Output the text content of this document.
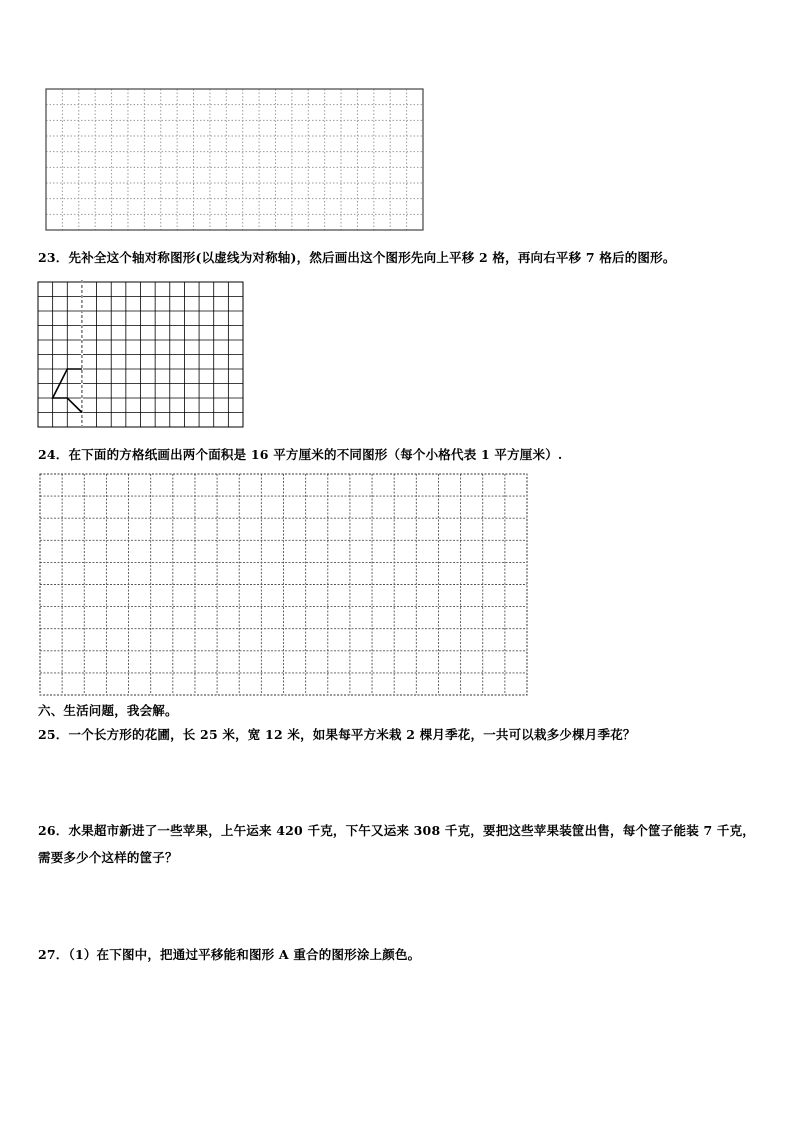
23．先补全这个轴对称图形(以虚线为对称轴)，然后画出这个图形先向上平移 2 格，再向右平移 7 格后的图形。

24．在下面的方格纸画出两个面积是 16 平方厘米的不同图形（每个小格代表 1 平方厘米）.

六、生活问题，我会解。

25．一个长方形的花圃，长 25 米，宽 12 米，如果每平方米栽 2 棵月季花，一共可以栽多少棵月季花？

26．水果超市新进了一些苹果，上午运来 420 千克，下午又运来 308 千克，要把这些苹果装筐出售，每个筐子能装 7 千克，需要多少个这样的筐子？

27．（1）在下图中，把通过平移能和图形 A 重合的图形涂上颜色。
